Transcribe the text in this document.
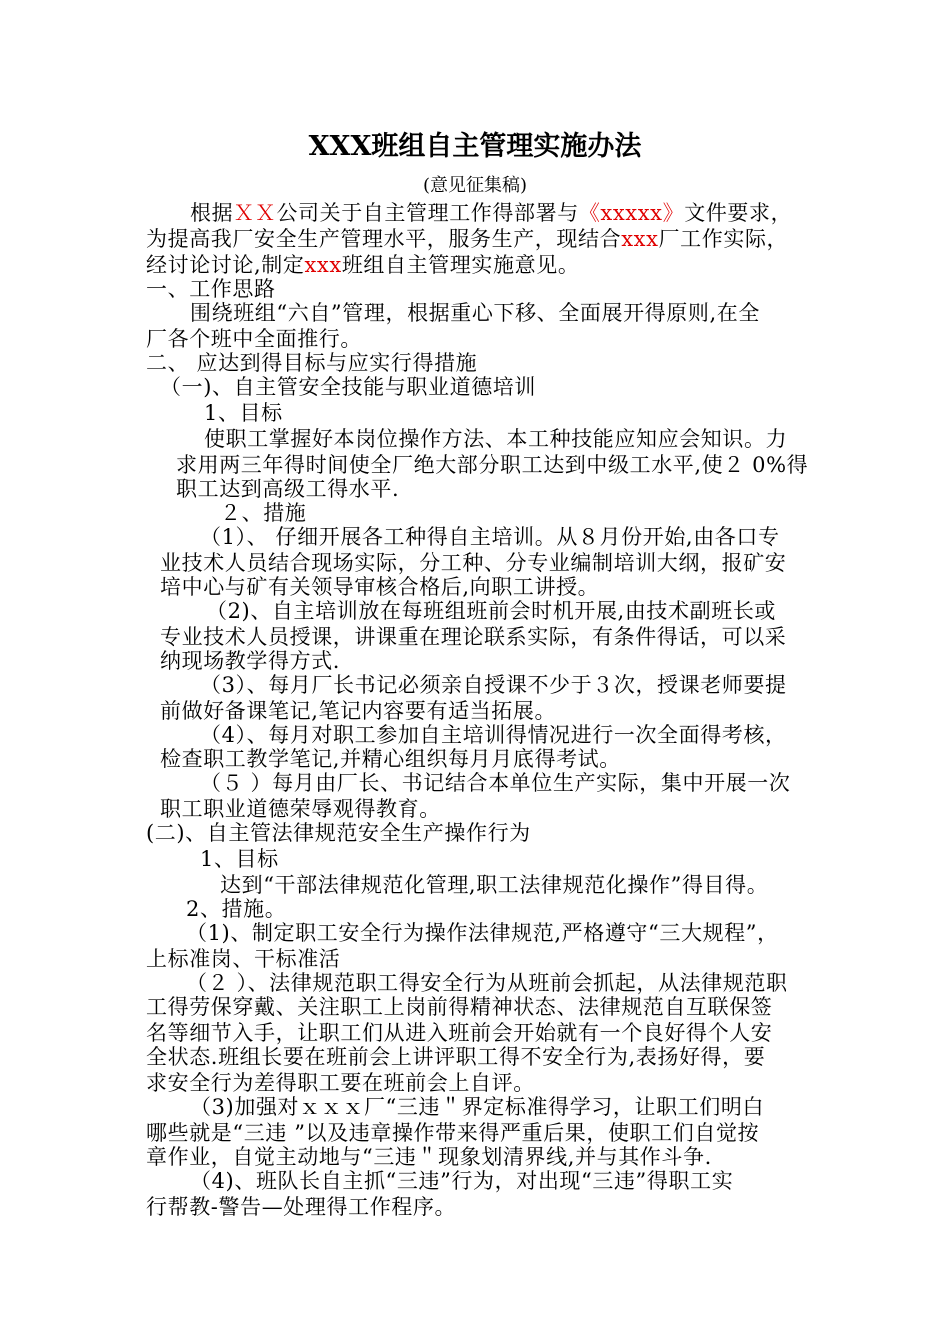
XXX班组自主管理实施办法
(意见征集稿)
根据ＸＸ公司关于自主管理工作得部署与《xxxxx》文件要求，
为提高我厂安全生产管理水平，服务生产，现结合xxx厂工作实际，
经讨论讨论,制定xxx班组自主管理实施意见。
一、工作思路
围绕班组“六自”管理，根据重心下移、全面展开得原则,在全
厂各个班中全面推行。
二、 应达到得目标与应实行得措施
（一)、自主管安全技能与职业道德培训
1、目标
使职工掌握好本岗位操作方法、本工种技能应知应会知识。力
求用两三年得时间使全厂绝大部分职工达到中级工水平,使２ 0%得
职工达到高级工得水平.
２、措施
（1）、 仔细开展各工种得自主培训。从８月份开始,由各口专
业技术人员结合现场实际，分工种、分专业编制培训大纲，报矿安
培中心与矿有关领导审核合格后,向职工讲授。
（2)、自主培训放在每班组班前会时机开展,由技术副班长或
专业技术人员授课，讲课重在理论联系实际，有条件得话，可以采
纳现场教学得方式.
（3）、每月厂长书记必须亲自授课不少于３次，授课老师要提
前做好备课笔记,笔记内容要有适当拓展。
（4）、每月对职工参加自主培训得情况进行一次全面得考核，
检查职工教学笔记,并精心组织每月月底得考试。
（５ ）每月由厂长、书记结合本单位生产实际，集中开展一次
职工职业道德荣辱观得教育。
(二)、自主管法律规范安全生产操作行为
1、目标
达到“干部法律规范化管理,职工法律规范化操作”得目得。
2、措施。
（1)、制定职工安全行为操作法律规范,严格遵守“三大规程”，
上标准岗、干标准活
（２ ）、法律规范职工得安全行为从班前会抓起，从法律规范职
工得劳保穿戴、关注职工上岗前得精神状态、法律规范自互联保签
名等细节入手，让职工们从进入班前会开始就有一个良好得个人安
全状态.班组长要在班前会上讲评职工得不安全行为,表扬好得，要
求安全行为差得职工要在班前会上自评。
（3)加强对ｘｘｘ厂“三违＂界定标准得学习，让职工们明白
哪些就是“三违 ”以及违章操作带来得严重后果，使职工们自觉按
章作业，自觉主动地与“三违＂现象划清界线,并与其作斗争.
（4)、班队长自主抓“三违”行为，对出现“三违”得职工实
行帮教-警告—处理得工作程序。
